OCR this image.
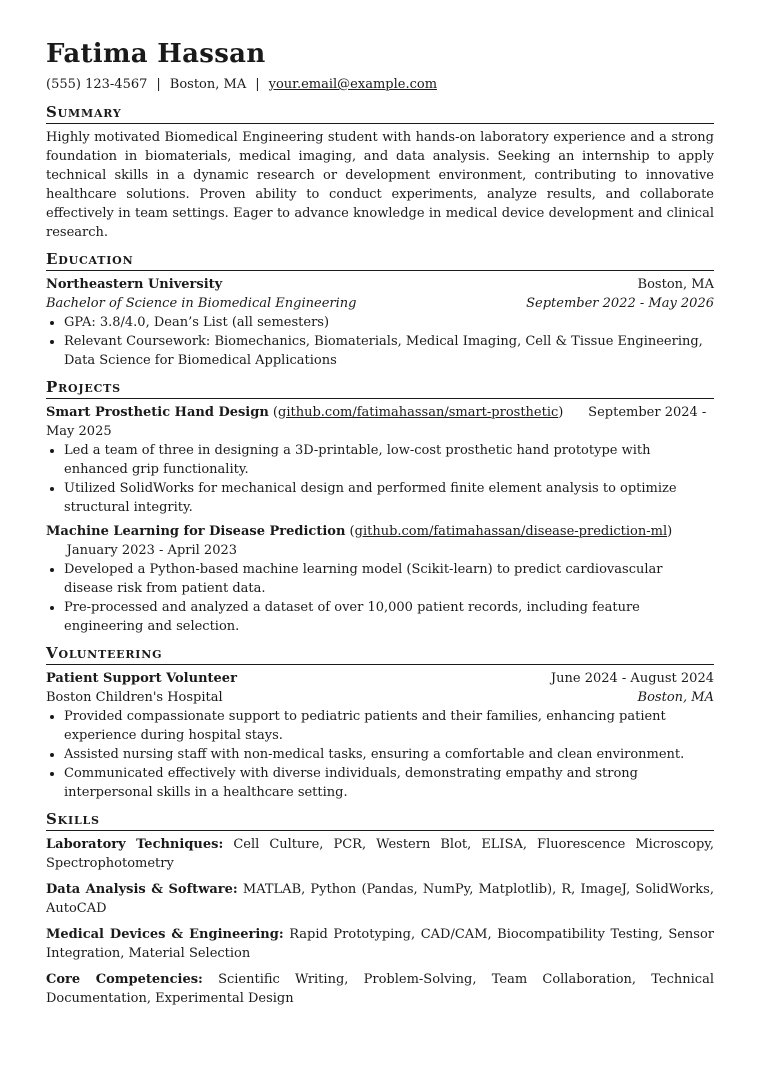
Fatima Hassan
(555) 123-4567 | Boston, MA | your.email@example.com
Summary

Highly motivated Biomedical Engineering student with hands-on laboratory experience and a strong foundation in biomaterials, medical imaging, and data analysis. Seeking an internship to apply technical skills in a dynamic research or development environment, contributing to innovative healthcare solutions. Proven ability to conduct experiments, analyze results, and collaborate effectively in team settings. Eager to advance knowledge in medical device development and clinical research.

Education
Northeastern University	Boston, MA
Bachelor of Science in Biomedical Engineering	September 2022 - May 2026
• GPA: 3.8/4.0, Dean’s List (all semesters)
• Relevant Coursework: Biomechanics, Biomaterials, Medical Imaging, Cell & Tissue Engineering, Data Science for Biomedical Applications
Projects
Smart Prosthetic Hand Design (github.com/fatimahassan/smart-prosthetic)      September 2024 - May 2025
• Led a team of three in designing a 3D-printable, low-cost prosthetic hand prototype with enhanced grip functionality.
• Utilized SolidWorks for mechanical design and performed finite element analysis to optimize structural integrity.
Machine Learning for Disease Prediction (github.com/fatimahassan/disease-prediction-ml)      January 2023 - April 2023
• Developed a Python-based machine learning model (Scikit-learn) to predict cardiovascular disease risk from patient data.
• Pre-processed and analyzed a dataset of over 10,000 patient records, including feature engineering and selection.
Volunteering
Patient Support Volunteer	June 2024 - August 2024
Boston Children's Hospital	Boston, MA
• Provided compassionate support to pediatric patients and their families, enhancing patient experience during hospital stays.
• Assisted nursing staff with non-medical tasks, ensuring a comfortable and clean environment.
• Communicated effectively with diverse individuals, demonstrating empathy and strong interpersonal skills in a healthcare setting.
Skills

Laboratory Techniques: Cell Culture, PCR, Western Blot, ELISA, Fluorescence Microscopy, Spectrophotometry

Data Analysis & Software: MATLAB, Python (Pandas, NumPy, Matplotlib), R, ImageJ, SolidWorks, AutoCAD

Medical Devices & Engineering: Rapid Prototyping, CAD/CAM, Biocompatibility Testing, Sensor Integration, Material Selection

Core Competencies: Scientific Writing, Problem-Solving, Team Collaboration, Technical Documentation, Experimental Design
